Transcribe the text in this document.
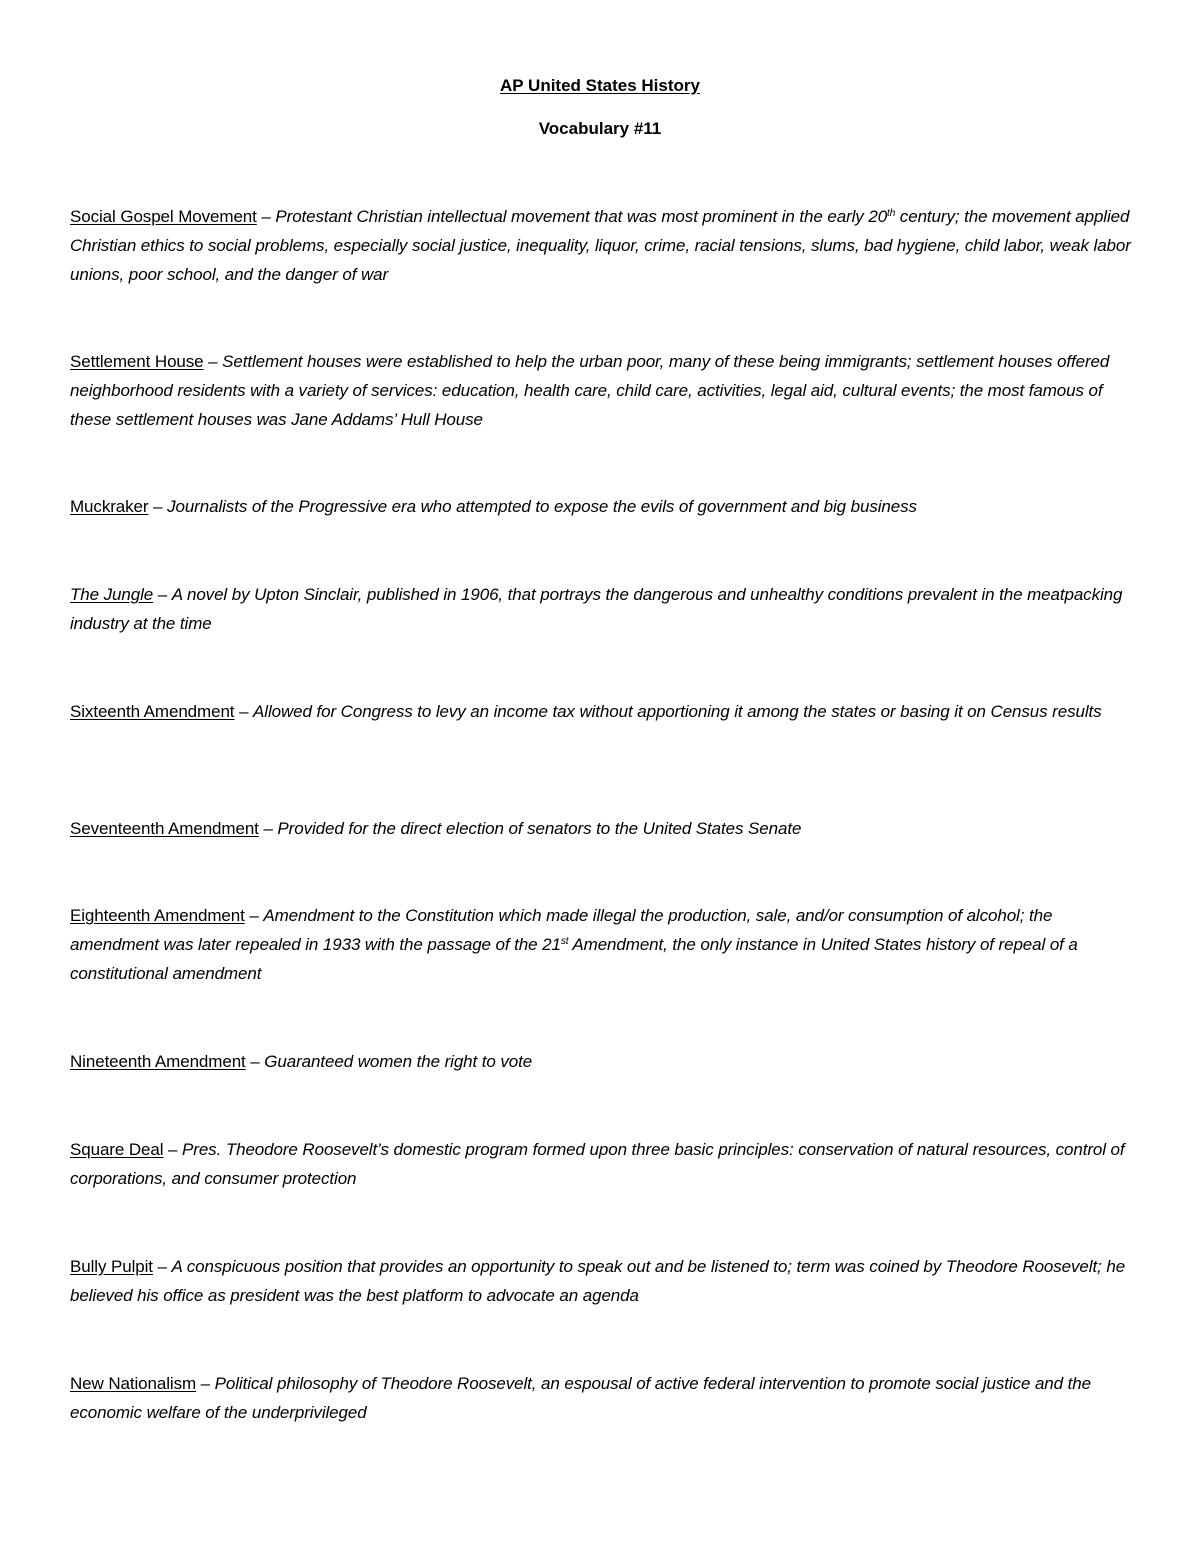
AP United States History
Vocabulary #11
Social Gospel Movement – Protestant Christian intellectual movement that was most prominent in the early 20th century; the movement applied Christian ethics to social problems, especially social justice, inequality, liquor, crime, racial tensions, slums, bad hygiene, child labor, weak labor unions, poor school, and the danger of war
Settlement House – Settlement houses were established to help the urban poor, many of these being immigrants; settlement houses offered neighborhood residents with a variety of services: education, health care, child care, activities, legal aid, cultural events; the most famous of these settlement houses was Jane Addams’ Hull House
Muckraker – Journalists of the Progressive era who attempted to expose the evils of government and big business
The Jungle – A novel by Upton Sinclair, published in 1906, that portrays the dangerous and unhealthy conditions prevalent in the meatpacking industry at the time
Sixteenth Amendment – Allowed for Congress to levy an income tax without apportioning it among the states or basing it on Census results
Seventeenth Amendment – Provided for the direct election of senators to the United States Senate
Eighteenth Amendment – Amendment to the Constitution which made illegal the production, sale, and/or consumption of alcohol; the amendment was later repealed in 1933 with the passage of the 21st Amendment, the only instance in United States history of repeal of a constitutional amendment
Nineteenth Amendment – Guaranteed women the right to vote
Square Deal – Pres. Theodore Roosevelt’s domestic program formed upon three basic principles: conservation of natural resources, control of corporations, and consumer protection
Bully Pulpit – A conspicuous position that provides an opportunity to speak out and be listened to; term was coined by Theodore Roosevelt; he believed his office as president was the best platform to advocate an agenda
New Nationalism – Political philosophy of Theodore Roosevelt, an espousal of active federal intervention to promote social justice and the economic welfare of the underprivileged
